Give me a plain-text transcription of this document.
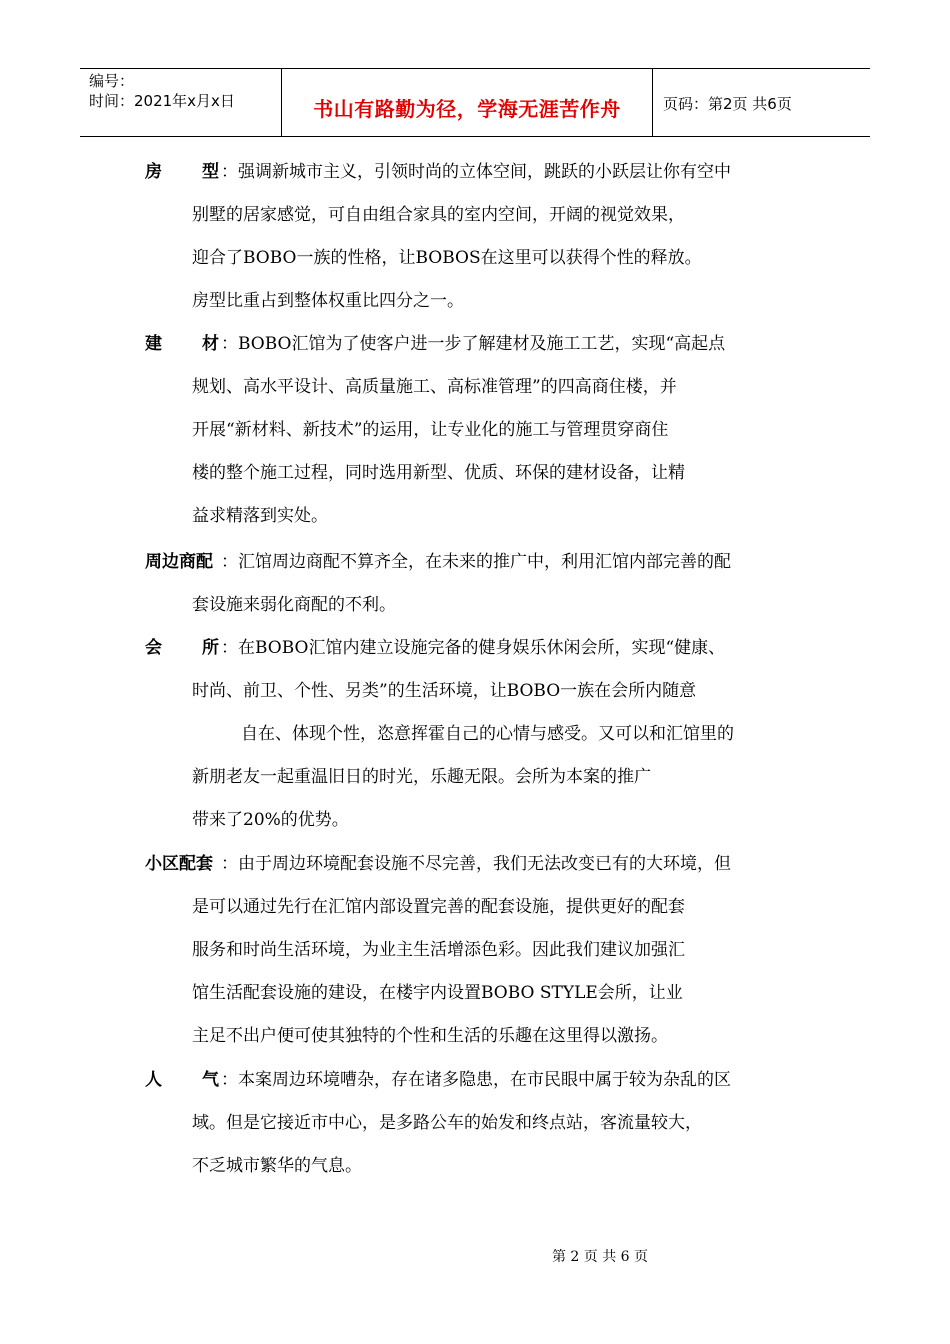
编号：
时间：2021年x月x日	书山有路勤为径，学海无涯苦作舟	页码：第2页 共6页
房 型 ：强调新城市主义，引领时尚的立体空间，跳跃的小跃层让你有空中
别墅的居家感觉，可自由组合家具的室内空间，开阔的视觉效果，
迎合了BOBO一族的性格，让BOBOS在这里可以获得个性的释放。
房型比重占到整体权重比四分之一。
建 材 ：BOBO汇馆为了使客户进一步了解建材及施工工艺，实现“高起点
规划、高水平设计、高质量施工、高标准管理”的四高商住楼，并
开展“新材料、新技术”的运用，让专业化的施工与管理贯穿商住
楼的整个施工过程，同时选用新型、优质、环保的建材设备，让精
益求精落到实处。
周边商配 ：汇馆周边商配不算齐全，在未来的推广中，利用汇馆内部完善的配
套设施来弱化商配的不利。
会 所 ：在BOBO汇馆内建立设施完备的健身娱乐休闲会所，实现“健康、
时尚、前卫、个性、另类”的生活环境，让BOBO一族在会所内随意
自在、体现个性，恣意挥霍自己的心情与感受。又可以和汇馆里的
新朋老友一起重温旧日的时光，乐趣无限。会所为本案的推广
带来了20%的优势。
小区配套 ：由于周边环境配套设施不尽完善，我们无法改变已有的大环境，但
是可以通过先行在汇馆内部设置完善的配套设施，提供更好的配套
服务和时尚生活环境，为业主生活增添色彩。因此我们建议加强汇
馆生活配套设施的建设，在楼宇内设置BOBO STYLE会所，让业
主足不出户便可使其独特的个性和生活的乐趣在这里得以激扬。
人 气 ：本案周边环境嘈杂，存在诸多隐患，在市民眼中属于较为杂乱的区
域。但是它接近市中心，是多路公车的始发和终点站，客流量较大，
不乏城市繁华的气息。
第 2 页 共 6 页
